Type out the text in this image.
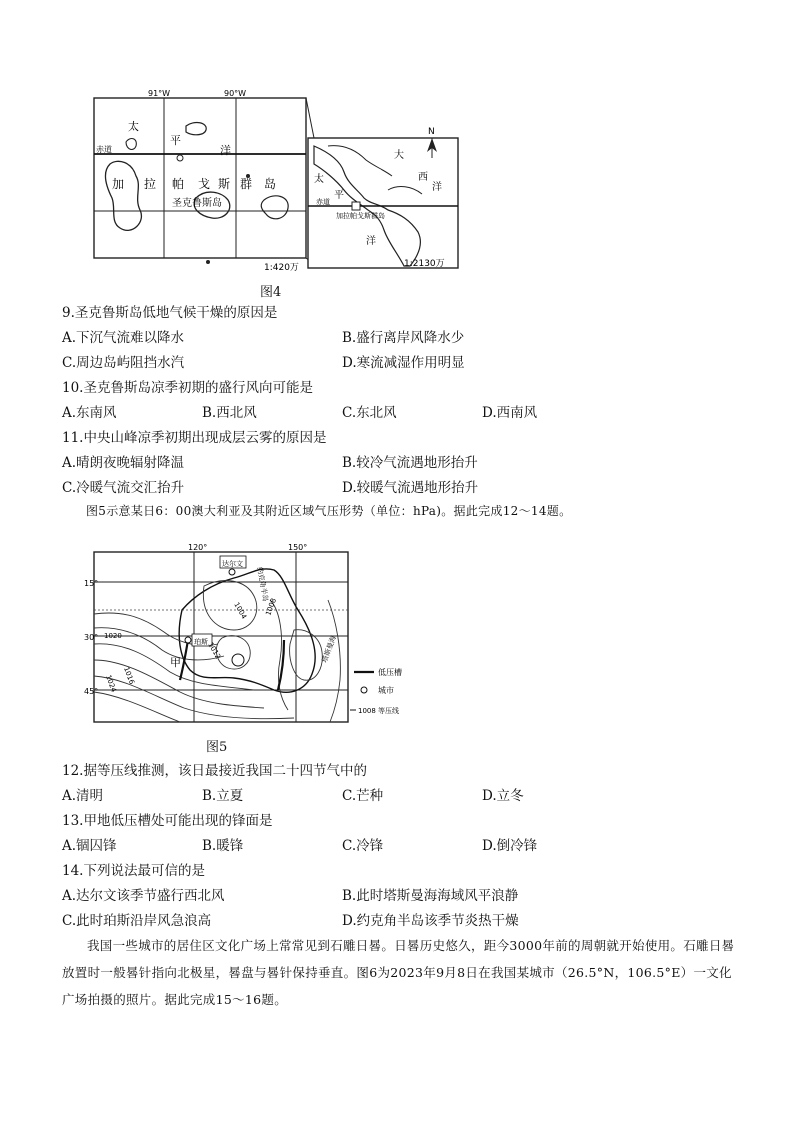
91°W	90°W
太
平
洋
赤道
加 拉 帕 戈 斯 群 岛
圣克鲁斯岛
1:420万
N
大
西
洋
太
平
洋
赤道
加拉帕戈斯群岛
1:2130万
图4
9.圣克鲁斯岛低地气候干燥的原因是
A.下沉气流难以降水	B.盛行离岸风降水少
C.周边岛屿阻挡水汽	D.寒流减湿作用明显
10.圣克鲁斯岛凉季初期的盛行风向可能是
A.东南风	B.西北风	C.东北风	D.西南风
11.中央山峰凉季初期出现成层云雾的原因是
A.晴朗夜晚辐射降温	B.较冷气流遇地形抬升
C.冷暖气流交汇抬升	D.较暖气流遇地形抬升
图5示意某日6：00澳大利亚及其附近区域气压形势（单位：hPa)。据此完成12～14题。
120°	150°
15°
30°
45°
达尔文
珀斯
甲	塔斯曼海
约克角半岛
1004 1008
1012
1016
1020
1024
低压槽
城市
1008 等压线
图5
12.据等压线推测，该日最接近我国二十四节气中的
A.清明	B.立夏	C.芒种	D.立冬
13.甲地低压槽处可能出现的锋面是
A.锢囚锋	B.暖锋	C.冷锋	D.倒冷锋
14.下列说法最可信的是
A.达尔文该季节盛行西北风	B.此时塔斯曼海海域风平浪静
C.此时珀斯沿岸风急浪高	D.约克角半岛该季节炎热干燥
我国一些城市的居住区文化广场上常常见到石雕日晷。日晷历史悠久，距今3000年前的周朝就开始使用。石雕日晷放置时一般晷针指向北极星，晷盘与晷针保持垂直。图6为2023年9月8日在我国某城市（26.5°N，106.5°E）一文化广场拍摄的照片。据此完成15～16题。
